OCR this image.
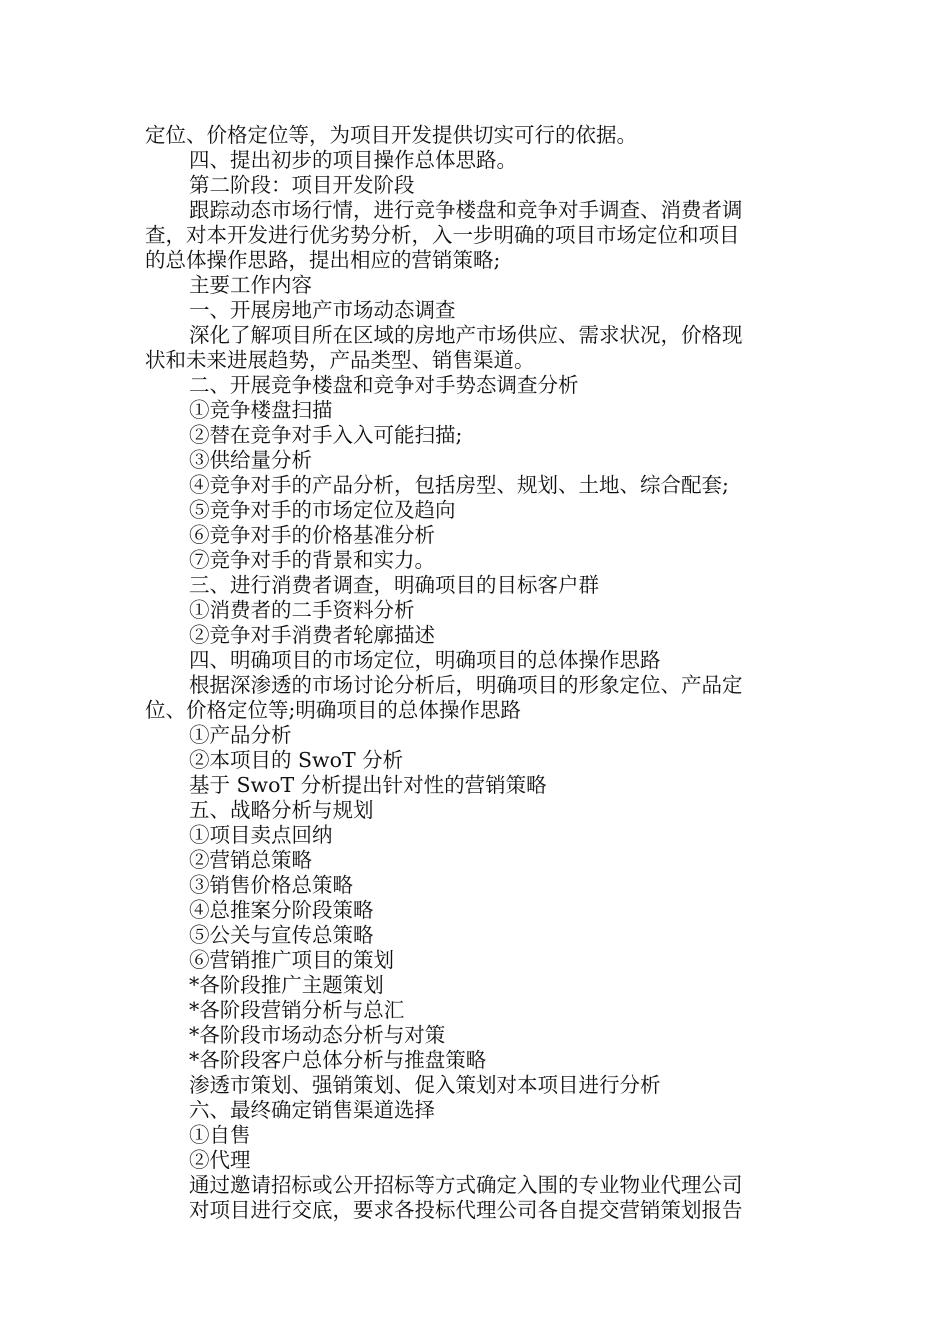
定位、价格定位等，为项目开发提供切实可行的依据。
四、提出初步的项目操作总体思路。
第二阶段：项目开发阶段
跟踪动态市场行情，进行竞争楼盘和竞争对手调查、消费者调
查，对本开发进行优劣势分析，入一步明确的项目市场定位和项目
的总体操作思路，提出相应的营销策略;
主要工作内容
一、开展房地产市场动态调查
深化了解项目所在区域的房地产市场供应、需求状况，价格现
状和未来进展趋势，产品类型、销售渠道。
二、开展竞争楼盘和竞争对手势态调查分析
①竞争楼盘扫描
②替在竞争对手入入可能扫描;
③供给量分析
④竞争对手的产品分析，包括房型、规划、土地、综合配套;
⑤竞争对手的市场定位及趋向
⑥竞争对手的价格基准分析
⑦竞争对手的背景和实力。
三、进行消费者调查，明确项目的目标客户群
①消费者的二手资料分析
②竞争对手消费者轮廓描述
四、明确项目的市场定位，明确项目的总体操作思路
根据深渗透的市场讨论分析后，明确项目的形象定位、产品定
位、价格定位等;明确项目的总体操作思路
①产品分析
②本项目的 SwoT 分析
基于 SwoT 分析提出针对性的营销策略
五、战略分析与规划
①项目卖点回纳
②营销总策略
③销售价格总策略
④总推案分阶段策略
⑤公关与宣传总策略
⑥营销推广项目的策划
*各阶段推广主题策划
*各阶段营销分析与总汇
*各阶段市场动态分析与对策
*各阶段客户总体分析与推盘策略
渗透市策划、强销策划、促入策划对本项目进行分析
六、最终确定销售渠道选择
①自售
②代理
通过邀请招标或公开招标等方式确定入围的专业物业代理公司
对项目进行交底，要求各投标代理公司各自提交营销策划报告
